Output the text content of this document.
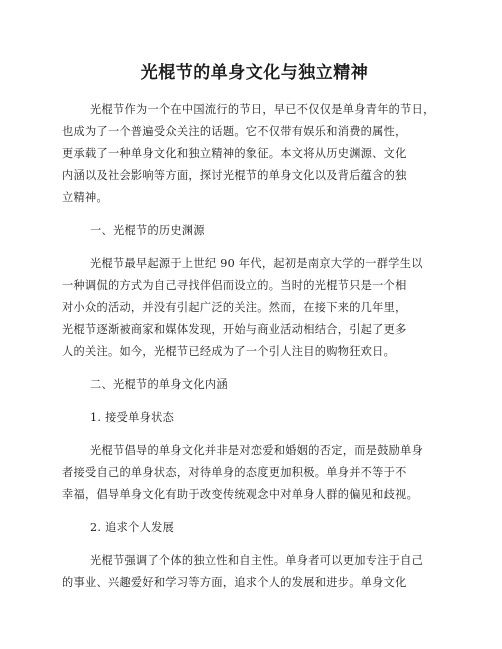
光棍节的单身文化与独立精神
光棍节作为一个在中国流行的节日，早已不仅仅是单身青年的节日，
也成为了一个普遍受众关注的话题。它不仅带有娱乐和消费的属性，
更承载了一种单身文化和独立精神的象征。本文将从历史渊源、文化
内涵以及社会影响等方面，探讨光棍节的单身文化以及背后蕴含的独
立精神。
一、光棍节的历史渊源
光棍节最早起源于上世纪 90 年代，起初是南京大学的一群学生以
一种调侃的方式为自己寻找伴侣而设立的。当时的光棍节只是一个相
对小众的活动，并没有引起广泛的关注。然而，在接下来的几年里，
光棍节逐渐被商家和媒体发现，开始与商业活动相结合，引起了更多
人的关注。如今，光棍节已经成为了一个引人注目的购物狂欢日。
二、光棍节的单身文化内涵
1. 接受单身状态
光棍节倡导的单身文化并非是对恋爱和婚姻的否定，而是鼓励单身
者接受自己的单身状态，对待单身的态度更加积极。单身并不等于不
幸福，倡导单身文化有助于改变传统观念中对单身人群的偏见和歧视。
2. 追求个人发展
光棍节强调了个体的独立性和自主性。单身者可以更加专注于自己
的事业、兴趣爱好和学习等方面，追求个人的发展和进步。单身文化
